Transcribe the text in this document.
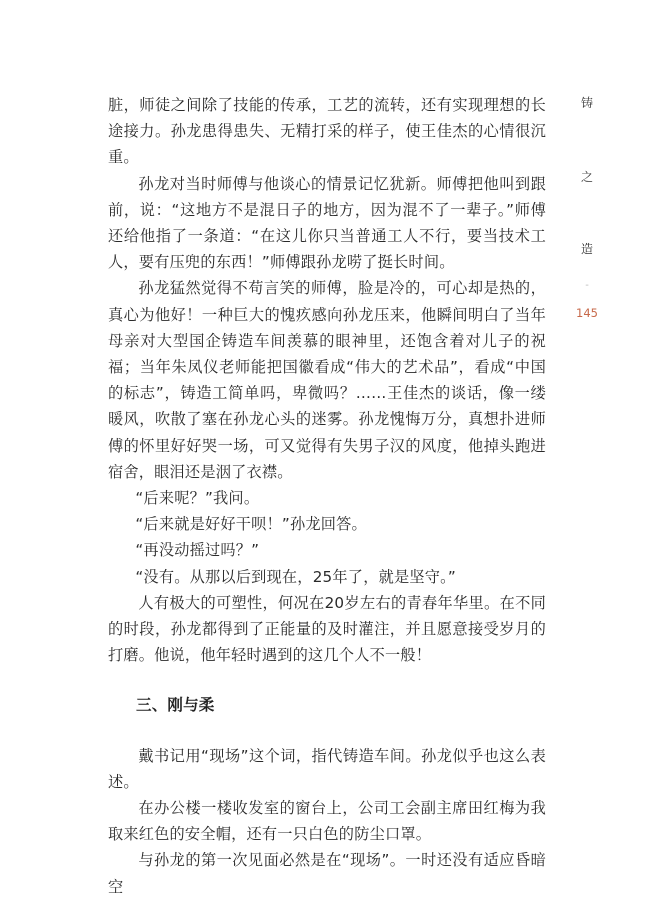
脏，师徒之间除了技能的传承，工艺的流转，还有实现理想的长途接力。孙龙患得患失、无精打采的样子，使王佳杰的心情很沉重。

孙龙对当时师傅与他谈心的情景记忆犹新。师傅把他叫到跟前，说：“这地方不是混日子的地方，因为混不了一辈子。”师傅还给他指了一条道：“在这儿你只当普通工人不行，要当技术工人，要有压兜的东西！”师傅跟孙龙唠了挺长时间。

孙龙猛然觉得不苟言笑的师傅，脸是冷的，可心却是热的，真心为他好！一种巨大的愧疚感向孙龙压来，他瞬间明白了当年母亲对大型国企铸造车间羡慕的眼神里，还饱含着对儿子的祝福；当年朱凤仪老师能把国徽看成“伟大的艺术品”，看成“中国的标志”，铸造工简单吗，卑微吗？……王佳杰的谈话，像一缕暖风，吹散了塞在孙龙心头的迷雾。孙龙愧悔万分，真想扑进师傅的怀里好好哭一场，可又觉得有失男子汉的风度，他掉头跑进宿舍，眼泪还是洇了衣襟。

“后来呢？”我问。

“后来就是好好干呗！”孙龙回答。

“再没动摇过吗？”

“没有。从那以后到现在，25年了，就是坚守。”

人有极大的可塑性，何况在20岁左右的青春年华里。在不同的时段，孙龙都得到了正能量的及时灌注，并且愿意接受岁月的打磨。他说，他年轻时遇到的这几个人不一般！

三、刚与柔

戴书记用“现场”这个词，指代铸造车间。孙龙似乎也这么表述。

在办公楼一楼收发室的窗台上，公司工会副主席田红梅为我取来红色的安全帽，还有一只白色的防尘口罩。

与孙龙的第一次见面必然是在“现场”。一时还没有适应昏暗空

铸
之
造
-
145
